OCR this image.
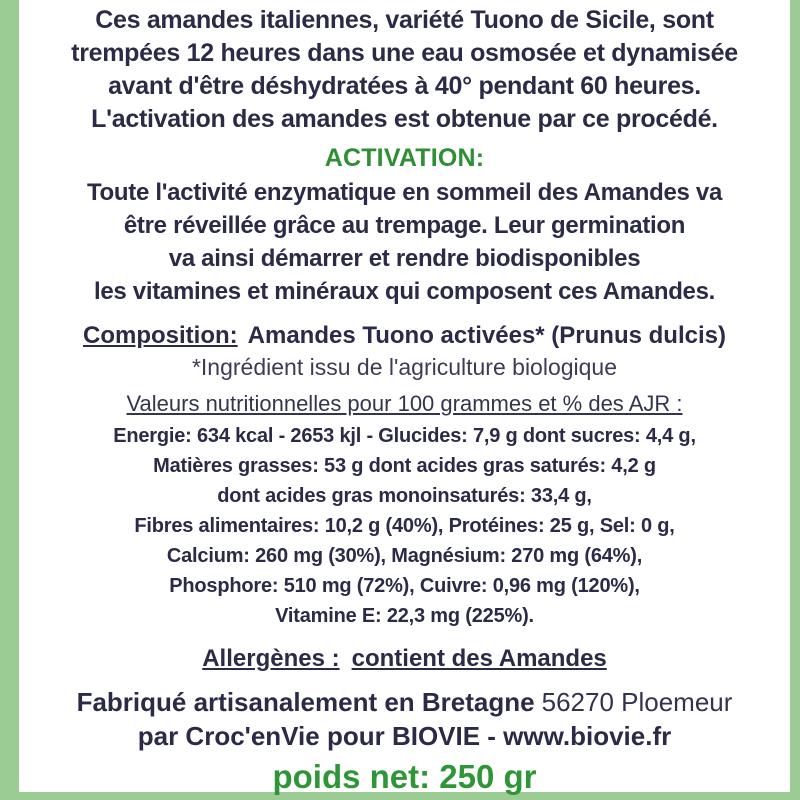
Ces amandes italiennes, variété Tuono de Sicile, sont
trempées 12 heures dans une eau osmosée et dynamisée
avant d'être déshydratées à 40° pendant 60 heures.
L'activation des amandes est obtenue par ce procédé.
ACTIVATION:
Toute l'activité enzymatique en sommeil des Amandes va
être réveillée grâce au trempage. Leur germination
va ainsi démarrer et rendre biodisponibles
les vitamines et minéraux qui composent ces Amandes.
Composition: Amandes Tuono activées* (Prunus dulcis)
*Ingrédient issu de l'agriculture biologique
Valeurs nutritionnelles pour 100 grammes et % des AJR :
Energie: 634 kcal - 2653 kjl - Glucides: 7,9 g dont sucres: 4,4 g,
Matières grasses: 53 g dont acides gras saturés: 4,2 g
dont acides gras monoinsaturés: 33,4 g,
Fibres alimentaires: 10,2 g (40%), Protéines: 25 g, Sel: 0 g,
Calcium: 260 mg (30%), Magnésium: 270 mg (64%),
Phosphore: 510 mg (72%), Cuivre: 0,96 mg (120%),
Vitamine E: 22,3 mg (225%).
Allergènes : contient des Amandes
Fabriqué artisanalement en Bretagne 56270 Ploemeur
par Croc'enVie pour BIOVIE - www.biovie.fr
poids net: 250 gr
